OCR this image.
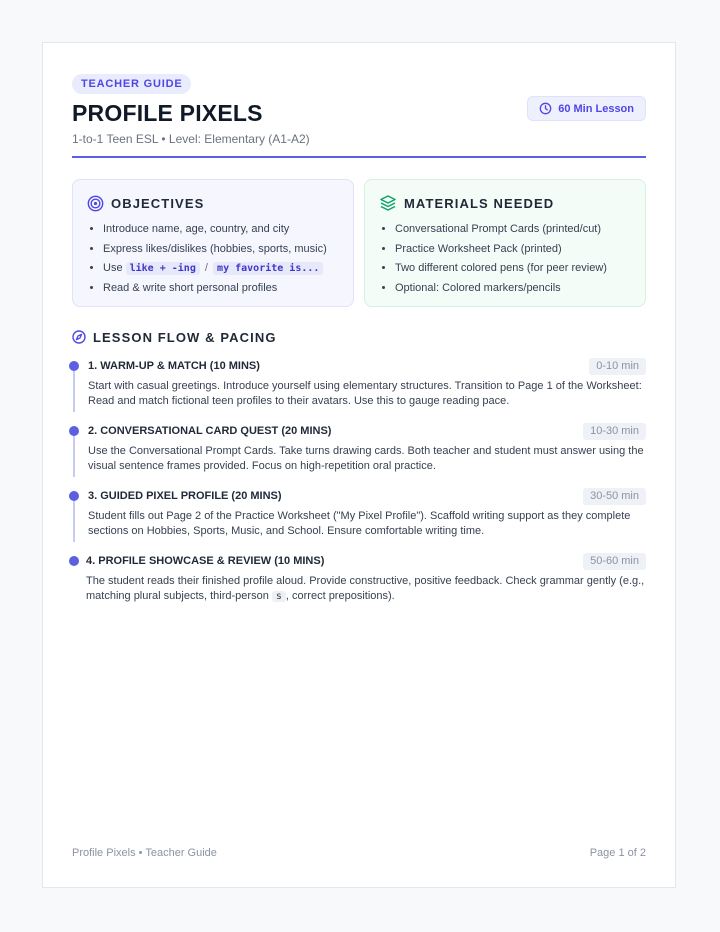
TEACHER GUIDE
PROFILE PIXELS
1-to-1 Teen ESL • Level: Elementary (A1-A2)
60 Min Lesson
OBJECTIVES
• Introduce name, age, country, and city
• Express likes/dislikes (hobbies, sports, music)
• Use like + -ing / my favorite is...
• Read & write short personal profiles
MATERIALS NEEDED
• Conversational Prompt Cards (printed/cut)
• Practice Worksheet Pack (printed)
• Two different colored pens (for peer review)
• Optional: Colored markers/pencils
LESSON FLOW & PACING
1. WARM-UP & MATCH (10 MINS)	0-10 min
Start with casual greetings. Introduce yourself using elementary structures. Transition to Page 1 of the Worksheet: Read and match fictional teen profiles to their avatars. Use this to gauge reading pace.
2. CONVERSATIONAL CARD QUEST (20 MINS)	10-30 min
Use the Conversational Prompt Cards. Take turns drawing cards. Both teacher and student must answer using the visual sentence frames provided. Focus on high-repetition oral practice.
3. GUIDED PIXEL PROFILE (20 MINS)	30-50 min
Student fills out Page 2 of the Practice Worksheet ("My Pixel Profile"). Scaffold writing support as they complete sections on Hobbies, Sports, Music, and School. Ensure comfortable writing time.
4. PROFILE SHOWCASE & REVIEW (10 MINS)	50-60 min
The student reads their finished profile aloud. Provide constructive, positive feedback. Check grammar gently (e.g., matching plural subjects, third-person s , correct prepositions).
Profile Pixels • Teacher Guide	Page 1 of 2
